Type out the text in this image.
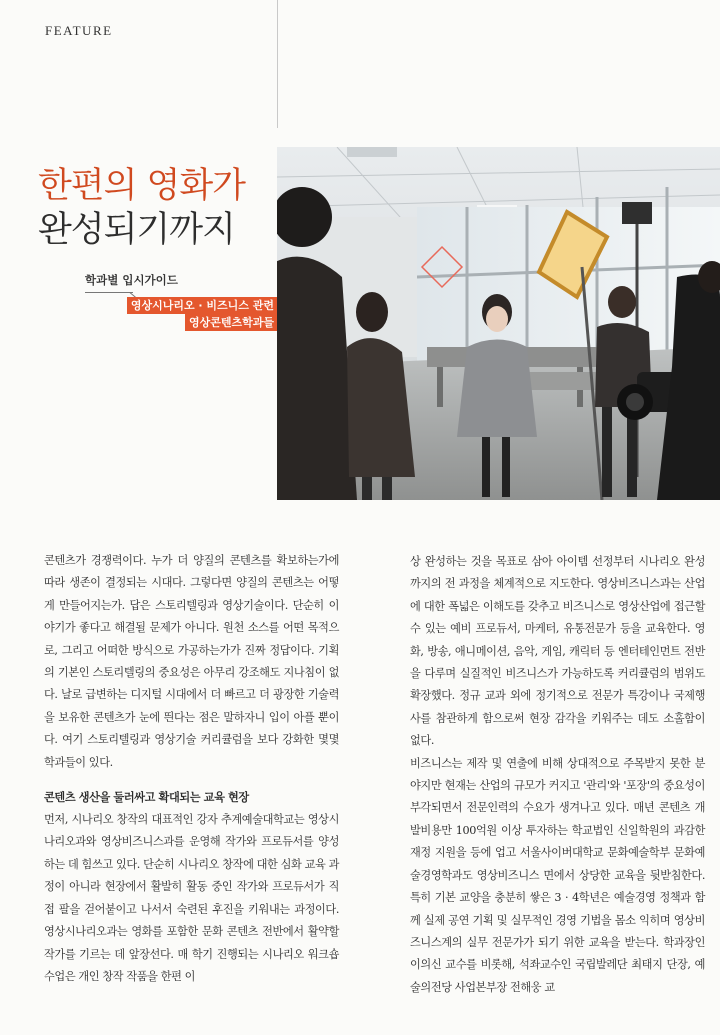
FEATURE
한편의 영화가
완성되기까지
학과별 입시가이드
영상시나리오 · 비즈니스 관련
영상콘텐츠학과들

콘텐츠가 경쟁력이다. 누가 더 양질의 콘텐츠를 확보하는가에 따라 생존이 결정되는 시대다. 그렇다면 양질의 콘텐츠는 어떻게 만들어지는가. 답은 스토리텔링과 영상기술이다. 단순히 이야기가 좋다고 해결될 문제가 아니다. 원천 소스를 어떤 목적으로, 그리고 어떠한 방식으로 가공하는가가 진짜 정답이다. 기획의 기본인 스토리텔링의 중요성은 아무리 강조해도 지나침이 없다. 날로 급변하는 디지털 시대에서 더 빠르고 더 광장한 기술력을 보유한 콘텐츠가 눈에 띈다는 점은 말하자니 입이 아플 뿐이다. 여기 스토리텔링과 영상기술 커리큘럼을 보다 강화한 몇몇 학과들이 있다.

콘텐츠 생산을 둘러싸고 확대되는 교육 현장

먼저, 시나리오 창작의 대표적인 강자 추계예술대학교는 영상시나리오과와 영상비즈니스과를 운영해 작가와 프로듀서를 양성하는 데 힘쓰고 있다. 단순히 시나리오 창작에 대한 심화 교육 과정이 아니라 현장에서 활발히 활동 중인 작가와 프로듀서가 직접 팔을 걷어붙이고 나서서 숙련된 후진을 키워내는 과정이다. 영상시나리오과는 영화를 포함한 문화 콘텐츠 전반에서 활약할 작가를 기르는 데 앞장선다. 매 학기 진행되는 시나리오 워크숍 수업은 개인 창작 작품을 한편 이

상 완성하는 것을 목표로 삼아 아이템 선정부터 시나리오 완성까지의 전 과정을 체계적으로 지도한다. 영상비즈니스과는 산업에 대한 폭넓은 이해도를 갖추고 비즈니스로 영상산업에 접근할 수 있는 예비 프로듀서, 마케터, 유통전문가 등을 교육한다. 영화, 방송, 애니메이션, 음악, 게임, 캐릭터 등 엔터테인먼트 전반을 다루며 실질적인 비즈니스가 가능하도록 커리큘럼의 범위도 확장했다. 정규 교과 외에 정기적으로 전문가 특강이나 국제행사를 참관하게 함으로써 현장 감각을 키워주는 데도 소홀함이 없다.

비즈니스는 제작 및 연출에 비해 상대적으로 주목받지 못한 분야지만 현재는 산업의 규모가 커지고 '관리'와 '포장'의 중요성이 부각되면서 전문인력의 수요가 생겨나고 있다. 매년 콘텐츠 개발비용만 100억원 이상 투자하는 학교법인 신일학원의 과감한 재정 지원을 등에 업고 서울사이버대학교 문화예술학부 문화예술경영학과도 영상비즈니스 면에서 상당한 교육을 뒷받침한다. 특히 기본 교양을 충분히 쌓은 3 · 4학년은 예술경영 정책과 함께 실제 공연 기획 및 실무적인 경영 기법을 몸소 익히며 영상비즈니스계의 실무 전문가가 되기 위한 교육을 받는다. 학과장인 이의신 교수를 비롯해, 석좌교수인 국립발레단 최태지 단장, 예술의전당 사업본부장 전해웅 교
